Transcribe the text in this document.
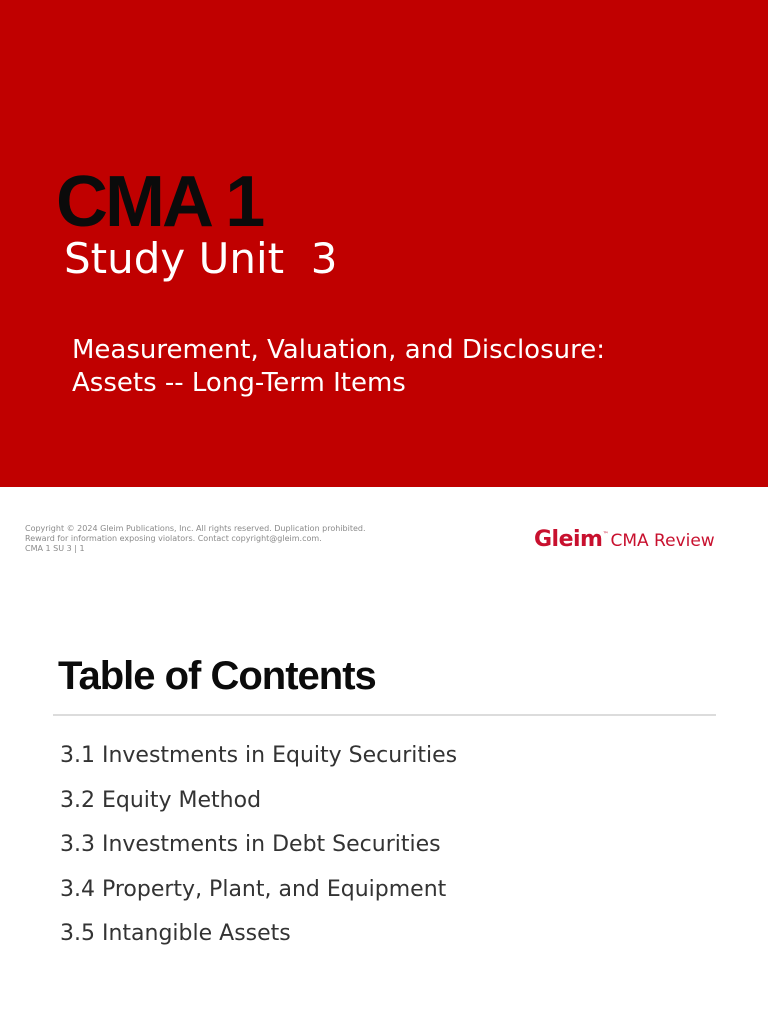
CMA 1
Study Unit  3

Measurement, Valuation, and Disclosure:
Assets -- Long-Term Items

Copyright © 2024 Gleim Publications, Inc. All rights reserved. Duplication prohibited.
Reward for information exposing violators. Contact copyright@gleim.com.
CMA 1 SU 3 | 1	Gleim™ CMA Review
Table of Contents
3.1 Investments in Equity Securities
3.2 Equity Method
3.3 Investments in Debt Securities
3.4 Property, Plant, and Equipment
3.5 Intangible Assets
